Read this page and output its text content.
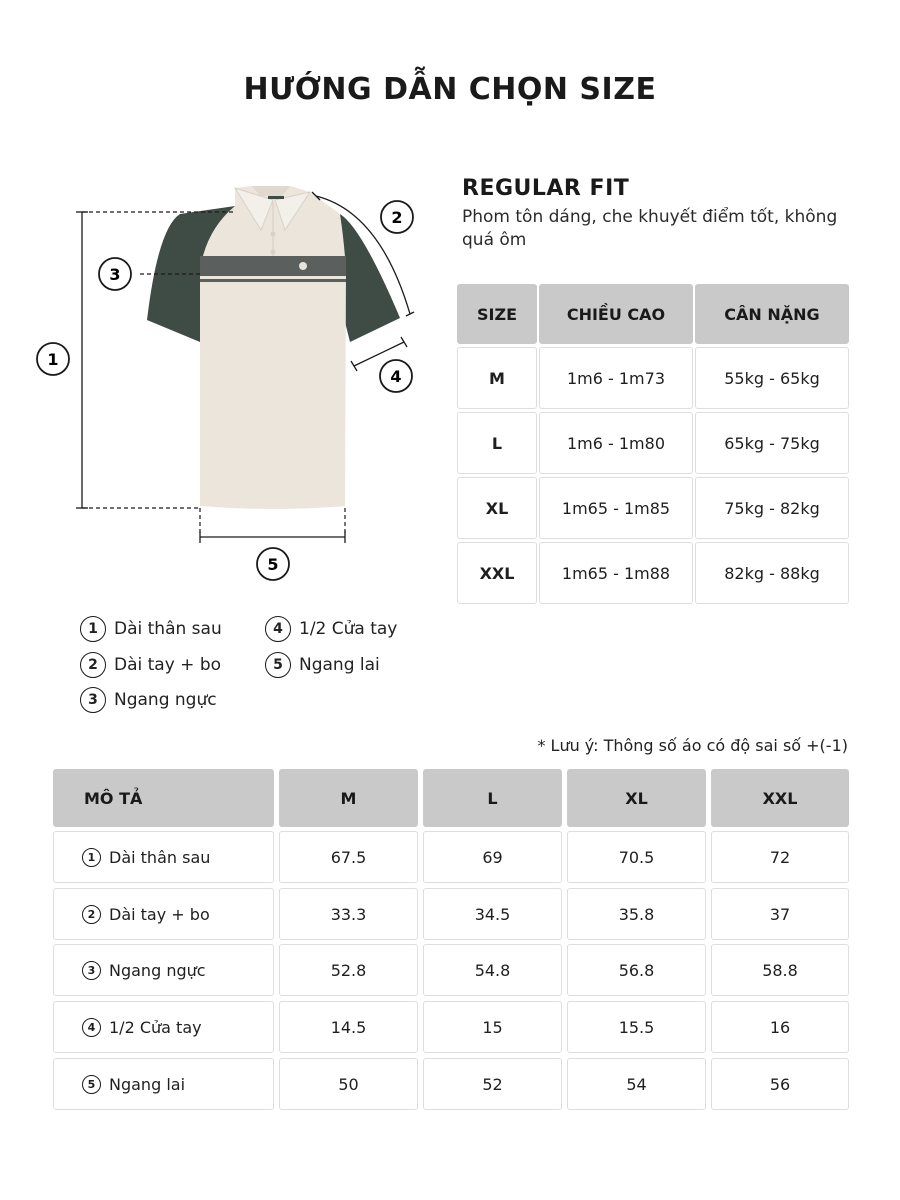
HƯỚNG DẪN CHỌN SIZE
1
2
3
4
5
REGULAR FIT
Phom tôn dáng, che khuyết điểm tốt, không quá ôm
SIZE	CHIỀU CAO	CÂN NẶNG
M	1m6 - 1m73	55kg - 65kg
L	1m6 - 1m80	65kg - 75kg
XL	1m65 - 1m85	75kg - 82kg
XXL	1m65 - 1m88	82kg - 88kg
1 Dài thân sau
2 Dài tay + bo
3 Ngang ngực
4 1/2 Cửa tay
5 Ngang lai
* Lưu ý: Thông số áo có độ sai số +(-1)
MÔ TẢ	M	L	XL	XXL
1 Dài thân sau	67.5	69	70.5	72
2 Dài tay + bo	33.3	34.5	35.8	37
3 Ngang ngực	52.8	54.8	56.8	58.8
4 1/2 Cửa tay	14.5	15	15.5	16
5 Ngang lai	50	52	54	56
